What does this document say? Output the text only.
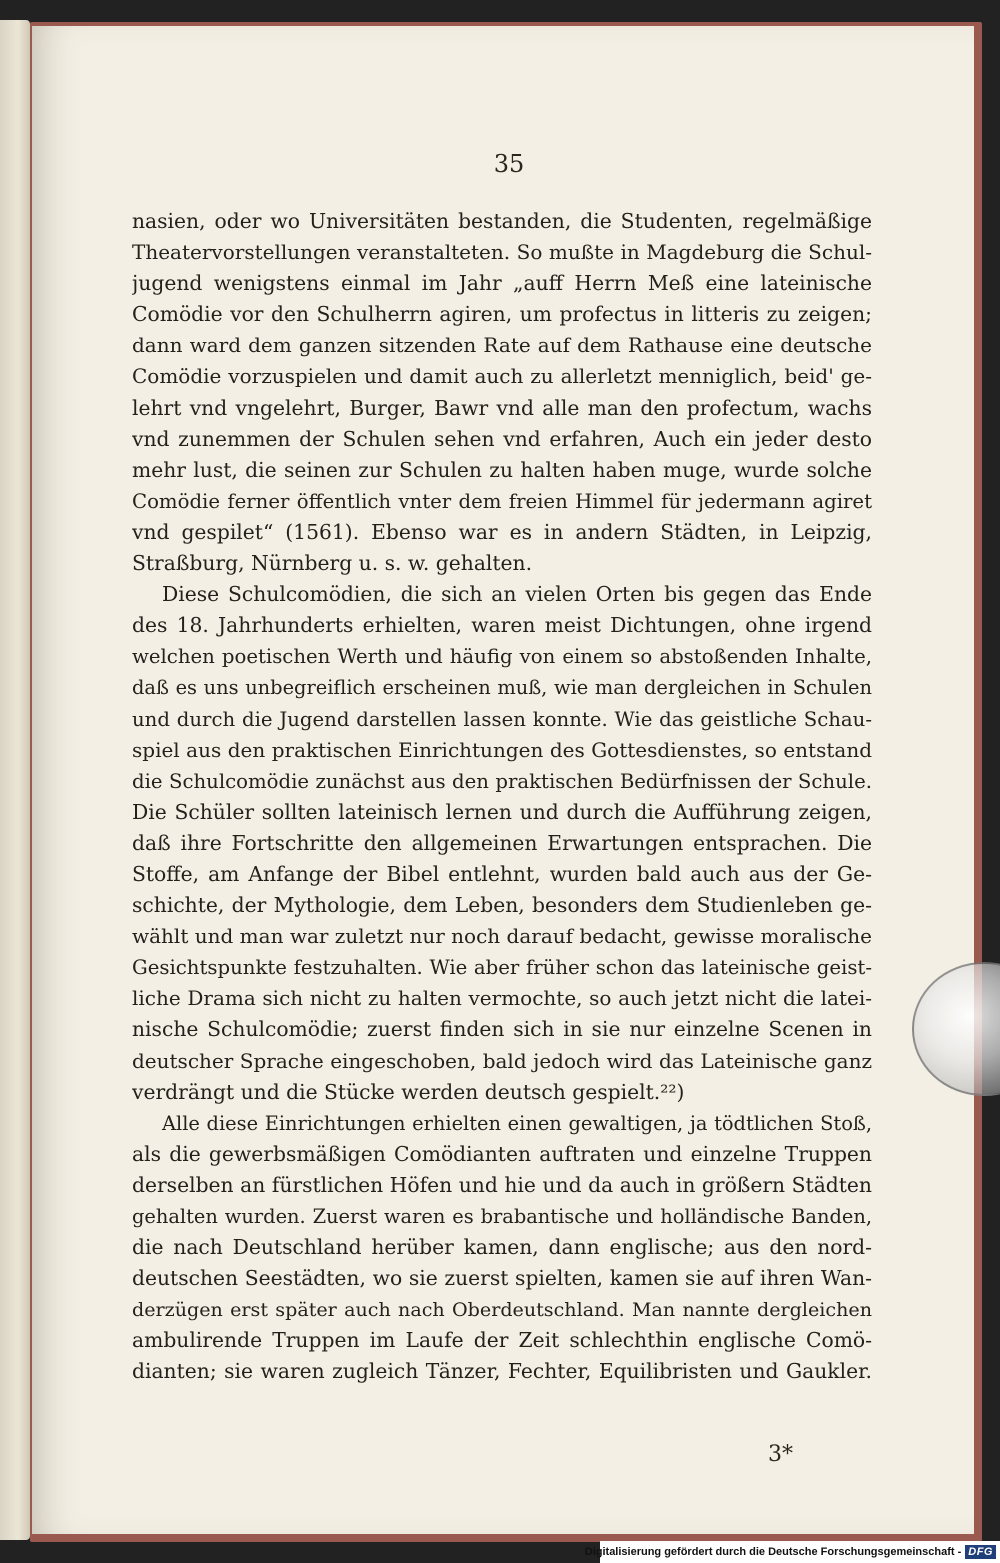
35
nasien, oder wo Universitäten bestanden, die Studenten, regelmäßige
Theatervorstellungen veranstalteten. So mußte in Magdeburg die Schul-
jugend wenigstens einmal im Jahr „auff Herrn Meß eine lateinische
Comödie vor den Schulherrn agiren, um profectus in litteris zu zeigen;
dann ward dem ganzen sitzenden Rate auf dem Rathause eine deutsche
Comödie vorzuspielen und damit auch zu allerletzt menniglich, beid' ge-
lehrt vnd vngelehrt, Burger, Bawr vnd alle man den profectum, wachs
vnd zunemmen der Schulen sehen vnd erfahren, Auch ein jeder desto
mehr lust, die seinen zur Schulen zu halten haben muge, wurde solche
Comödie ferner öffentlich vnter dem freien Himmel für jedermann agiret
vnd gespilet“ (1561). Ebenso war es in andern Städten, in Leipzig,
Straßburg, Nürnberg u. s. w. gehalten.
Diese Schulcomödien, die sich an vielen Orten bis gegen das Ende
des 18. Jahrhunderts erhielten, waren meist Dichtungen, ohne irgend
welchen poetischen Werth und häufig von einem so abstoßenden Inhalte,
daß es uns unbegreiflich erscheinen muß, wie man dergleichen in Schulen
und durch die Jugend darstellen lassen konnte. Wie das geistliche Schau-
spiel aus den praktischen Einrichtungen des Gottesdienstes, so entstand
die Schulcomödie zunächst aus den praktischen Bedürfnissen der Schule.
Die Schüler sollten lateinisch lernen und durch die Aufführung zeigen,
daß ihre Fortschritte den allgemeinen Erwartungen entsprachen. Die
Stoffe, am Anfange der Bibel entlehnt, wurden bald auch aus der Ge-
schichte, der Mythologie, dem Leben, besonders dem Studienleben ge-
wählt und man war zuletzt nur noch darauf bedacht, gewisse moralische
Gesichtspunkte festzuhalten. Wie aber früher schon das lateinische geist-
liche Drama sich nicht zu halten vermochte, so auch jetzt nicht die latei-
nische Schulcomödie; zuerst finden sich in sie nur einzelne Scenen in
deutscher Sprache eingeschoben, bald jedoch wird das Lateinische ganz
verdrängt und die Stücke werden deutsch gespielt.²²)
Alle diese Einrichtungen erhielten einen gewaltigen, ja tödtlichen Stoß,
als die gewerbsmäßigen Comödianten auftraten und einzelne Truppen
derselben an fürstlichen Höfen und hie und da auch in größern Städten
gehalten wurden. Zuerst waren es brabantische und holländische Banden,
die nach Deutschland herüber kamen, dann englische; aus den nord-
deutschen Seestädten, wo sie zuerst spielten, kamen sie auf ihren Wan-
derzügen erst später auch nach Oberdeutschland. Man nannte dergleichen
ambulirende Truppen im Laufe der Zeit schlechthin englische Comö-
dianten; sie waren zugleich Tänzer, Fechter, Equilibristen und Gaukler.
3*
Digitalisierung gefördert durch die Deutsche Forschungsgemeinschaft - DFG
